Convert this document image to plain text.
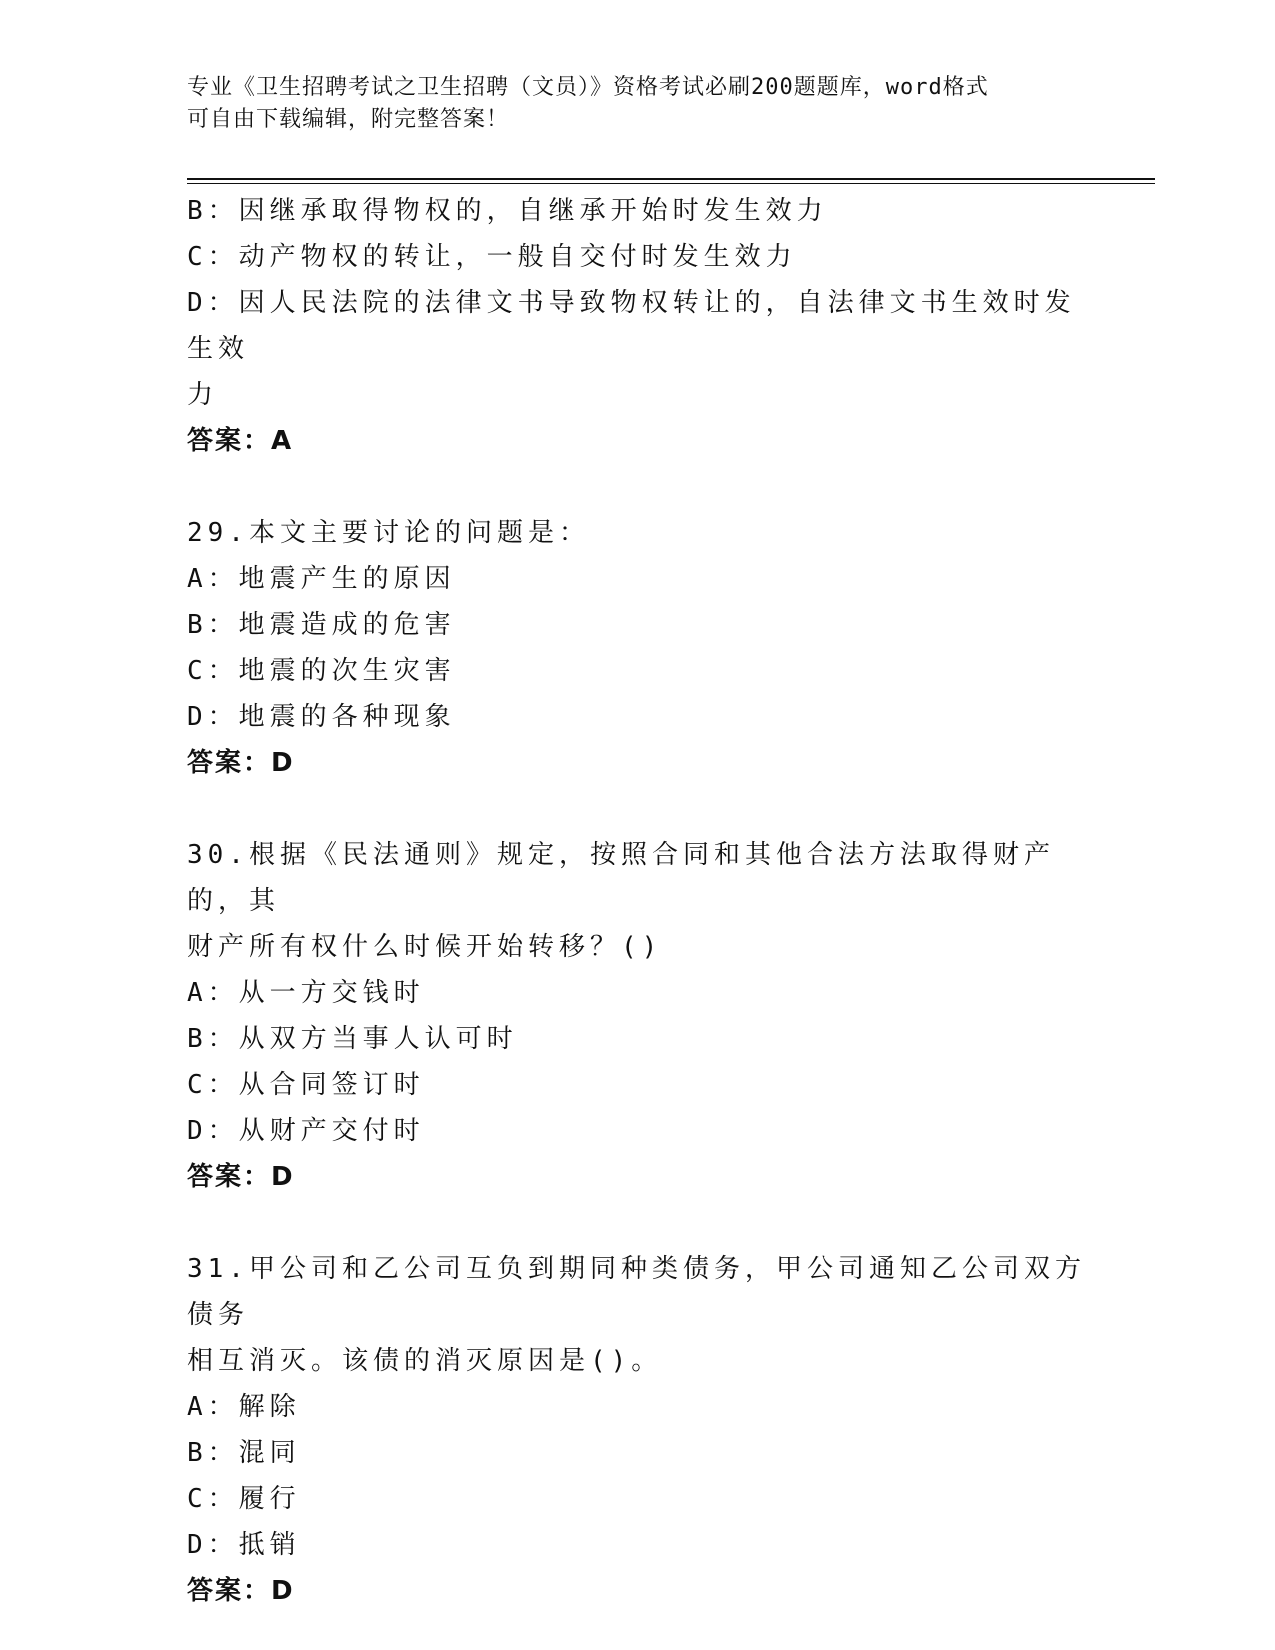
专业《卫生招聘考试之卫生招聘（文员）》资格考试必刷200题题库，word格式
可自由下载编辑，附完整答案！
B：因继承取得物权的，自继承开始时发生效力
C：动产物权的转让，一般自交付时发生效力
D：因人民法院的法律文书导致物权转让的，自法律文书生效时发生效
力
答案：A
29.本文主要讨论的问题是：
A：地震产生的原因
B：地震造成的危害
C：地震的次生灾害
D：地震的各种现象
答案：D
30.根据《民法通则》规定，按照合同和其他合法方法取得财产的，其
财产所有权什么时候开始转移？()
A：从一方交钱时
B：从双方当事人认可时
C：从合同签订时
D：从财产交付时
答案：D
31.甲公司和乙公司互负到期同种类债务，甲公司通知乙公司双方债务
相互消灭。该债的消灭原因是()。
A：解除
B：混同
C：履行
D：抵销
答案：D
